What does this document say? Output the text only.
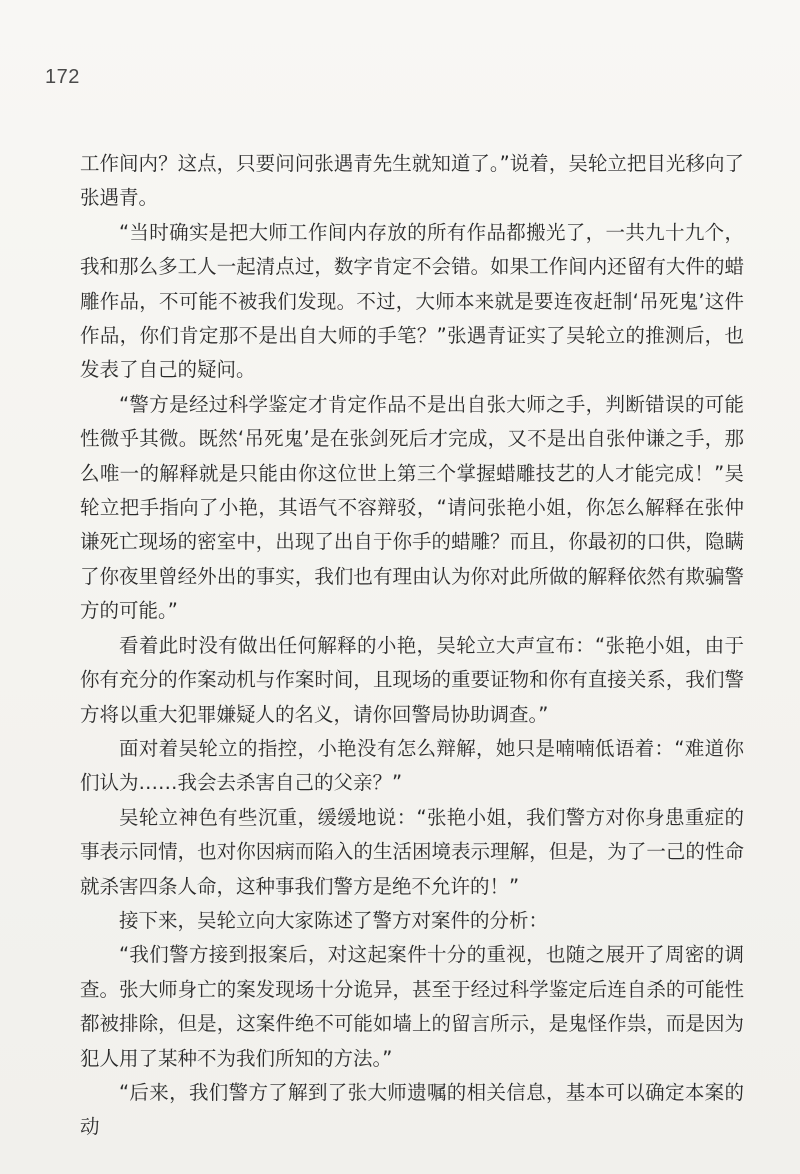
172

工作间内？这点，只要问问张遇青先生就知道了。”说着，吴轮立把目光移向了张遇青。

“当时确实是把大师工作间内存放的所有作品都搬光了，一共九十九个，我和那么多工人一起清点过，数字肯定不会错。如果工作间内还留有大件的蜡雕作品，不可能不被我们发现。不过，大师本来就是要连夜赶制‘吊死鬼’这件作品，你们肯定那不是出自大师的手笔？”张遇青证实了吴轮立的推测后，也发表了自己的疑问。

“警方是经过科学鉴定才肯定作品不是出自张大师之手，判断错误的可能性微乎其微。既然‘吊死鬼’是在张剑死后才完成，又不是出自张仲谦之手，那么唯一的解释就是只能由你这位世上第三个掌握蜡雕技艺的人才能完成！”吴轮立把手指向了小艳，其语气不容辩驳，“请问张艳小姐，你怎么解释在张仲谦死亡现场的密室中，出现了出自于你手的蜡雕？而且，你最初的口供，隐瞒了你夜里曾经外出的事实，我们也有理由认为你对此所做的解释依然有欺骗警方的可能。”

看着此时没有做出任何解释的小艳，吴轮立大声宣布：“张艳小姐，由于你有充分的作案动机与作案时间，且现场的重要证物和你有直接关系，我们警方将以重大犯罪嫌疑人的名义，请你回警局协助调查。”

面对着吴轮立的指控，小艳没有怎么辩解，她只是喃喃低语着：“难道你们认为……我会去杀害自己的父亲？”

吴轮立神色有些沉重，缓缓地说：“张艳小姐，我们警方对你身患重症的事表示同情，也对你因病而陷入的生活困境表示理解，但是，为了一己的性命就杀害四条人命，这种事我们警方是绝不允许的！”

接下来，吴轮立向大家陈述了警方对案件的分析：

“我们警方接到报案后，对这起案件十分的重视，也随之展开了周密的调查。张大师身亡的案发现场十分诡异，甚至于经过科学鉴定后连自杀的可能性都被排除，但是，这案件绝不可能如墙上的留言所示，是鬼怪作祟，而是因为犯人用了某种不为我们所知的方法。”

“后来，我们警方了解到了张大师遗嘱的相关信息，基本可以确定本案的动
